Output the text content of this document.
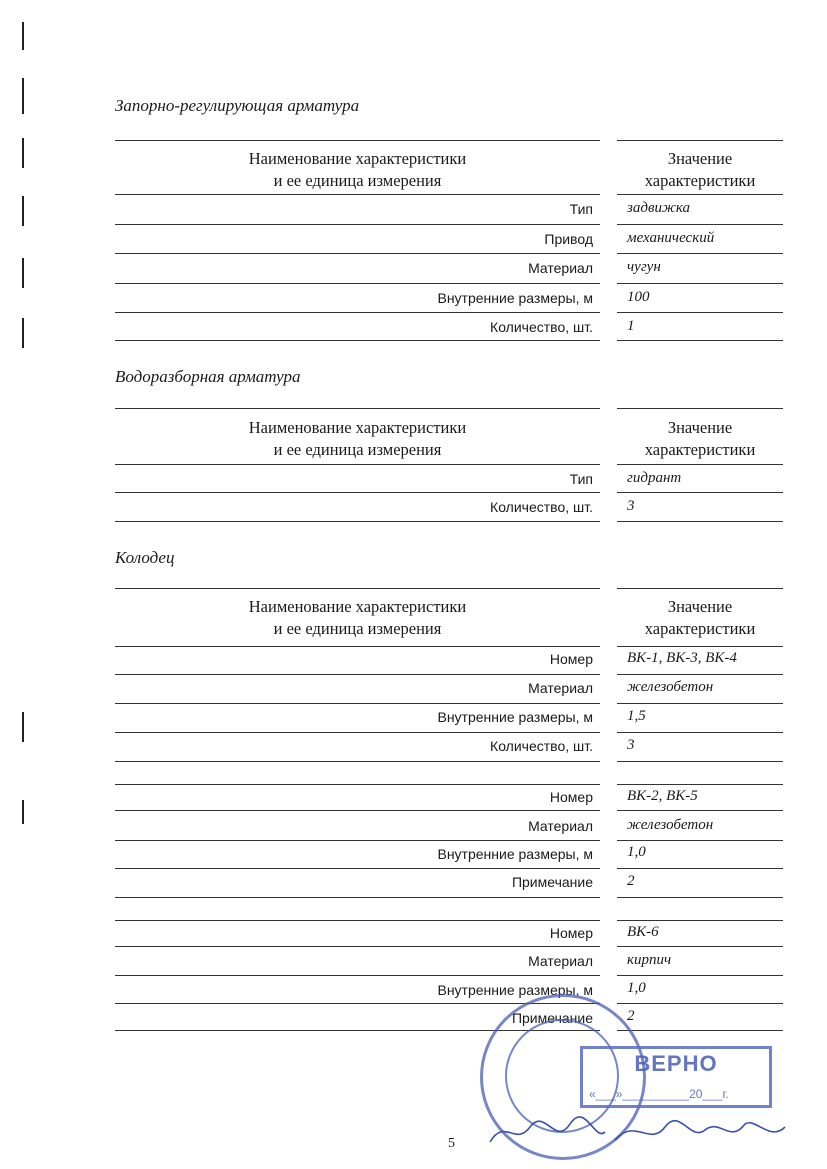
Запорно-регулирующая арматура
Наименование характеристики
и ее единица измерения
Значение
характеристики
Тип задвижка
Привод механический
Материал чугун
Внутренние размеры, м 100
Количество, шт. 1
Водоразборная арматура
Наименование характеристики
и ее единица измерения
Значение
характеристики
Тип гидрант
Количество, шт. 3
Колодец
Наименование характеристики
и ее единица измерения
Значение
характеристики
Номер ВК-1, ВК-3, ВК-4
Материал железобетон
Внутренние размеры, м 1,5
Количество, шт. 3
Номер ВК-2, ВК-5
Материал железобетон
Внутренние размеры, м 1,0
Примечание 2
Номер ВК-6
Материал кирпич
Внутренние размеры, м 1,0
Примечание 2
ВЕРНО
«___»__________20___г.
5
